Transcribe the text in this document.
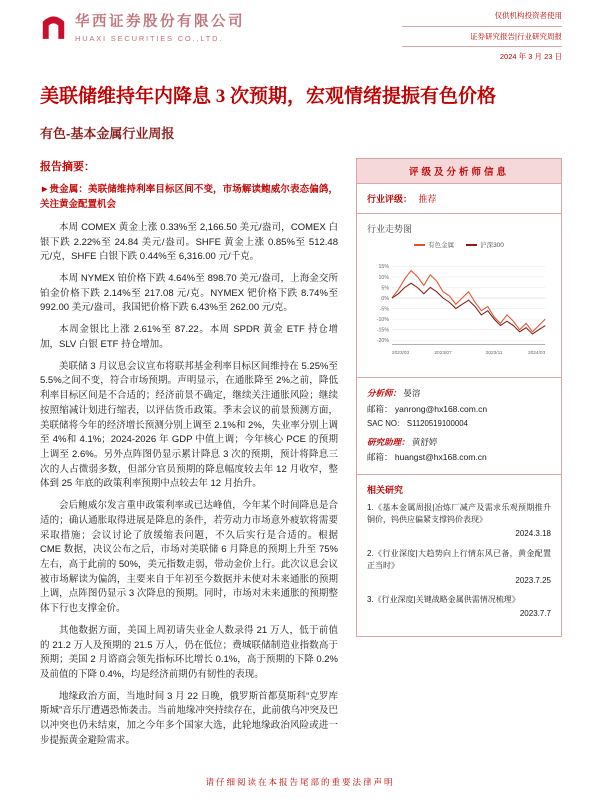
华西证券股份有限公司
HUAXI SECURITIES CO.,LTD.
仅供机构投资者使用
证券研究报告|行业研究周报
2024 年 3 月 23 日
美联储维持年内降息 3 次预期，宏观情绪提振有色价格
有色-基本金属行业周报
报告摘要：
►贵金属：美联储维持利率目标区间不变，市场解读鲍威尔表态偏鸽，关注黄金配置机会

本周 COMEX 黄金上涨 0.33%至 2,166.50 美元/盎司，COMEX 白银下跌 2.22%至 24.84 美元/盎司。SHFE 黄金上涨 0.85%至 512.48 元/克，SHFE 白银下跌 0.44%至 6,316.00 元/千克。

本周 NYMEX 铂价格下跌 4.64%至 898.70 美元/盎司，上海金交所铂金价格下跌 2.14%至 217.08 元/克。NYMEX 钯价格下跌 8.74%至 992.00 美元/盎司，我国钯价格下跌 6.43%至 262.00 元/克。

本周金银比上涨 2.61%至 87.22。本周 SPDR 黄金 ETF 持仓增加，SLV 白银 ETF 持仓增加。

美联储 3 月议息会议宣布将联邦基金利率目标区间维持在 5.25%至 5.5%之间不变，符合市场预期。声明显示，在通胀降至 2%之前，降低利率目标区间是不合适的；经济前景不确定，继续关注通胀风险；继续按照缩减计划进行缩表，以评估货币政策。季末会议的前景预测方面，美联储将今年的经济增长预测分别上调至 2.1%和 2%，失业率分别上调至 4%和 4.1%；2024-2026 年 GDP 中值上调；今年核心 PCE 的预期上调至 2.6%。另外点阵图仍显示累计降息 3 次的预期，预计将降息三次的人占微弱多数，但部分官员预期的降息幅度较去年 12 月收窄，整体到 25 年底的政策利率预期中点较去年 12 月抬升。

会后鲍威尔发言重申政策利率或已达峰值，今年某个时间降息是合适的；确认通胀取得进展是降息的条件，若劳动力市场意外疲软将需要采取措施；会议讨论了放缓缩表问题，不久后实行是合适的。根据 CME 数据，决议公布之后，市场对美联储 6 月降息的预期上升至 75%左右，高于此前的 50%，美元指数走弱，带动金价上行。此次议息会议被市场解读为偏鸽，主要来自于年初至今数据并未使对未来通胀的预期上调，点阵图仍显示 3 次降息的预期。同时，市场对未来通胀的预期整体下行也支撑金价。

其他数据方面，美国上周初请失业金人数录得 21 万人，低于前值的 21.2 万人及预期的 21.5 万人，仍在低位；费城联储制造业指数高于预期；美国 2 月谘商会领先指标环比增长 0.1%，高于预期的下降 0.2%及前值的下降 0.4%，均是经济前期仍有韧性的表现。

地缘政治方面，当地时间 3 月 22 日晚，俄罗斯首都莫斯科“克罗库斯城”音乐厅遭遇恐怖袭击。当前地缘冲突持续存在，此前俄乌冲突及巴以冲突也仍未结束，加之今年多个国家大选，此轮地缘政治风险或进一步提振黄金避险需求。

评级及分析师信息
行业评级： 推荐
行业走势图
有色金属	沪深300
15%
10%
5%
0%
-5%
-10%
-15%
-20%
2023/03	2023/07	2023/11	2024/03
分析师： 晏溶
邮箱： yanrong@hx168.com.cn
SAC NO： S1120519100004
研究助理： 黄舒婷
邮箱： huangst@hx168.com.cn
相关研究
1.《基本金属周报|冶炼厂减产及需求乐观预期推升铜价，钨供应偏紧支撑钨价表现》
2024.3.18
2.《行业深度|大趋势向上行情东风已备，黄金配置正当时》
2023.7.25
3.《行业深度|关键战略金属供需情况梳理》
2023.7.7
请仔细阅读在本报告尾部的重要法律声明
